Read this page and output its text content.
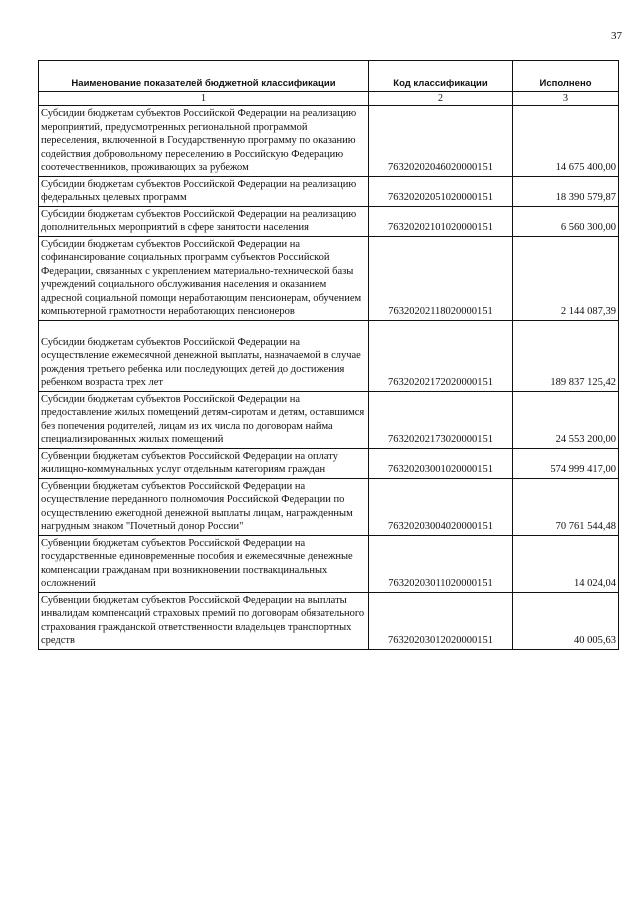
37
Наименование показателей бюджетной классификации	Код классификации	Исполнено
1	2	3
Субсидии бюджетам субъектов Российской Федерации на реализацию мероприятий, предусмотренных региональной программой переселения, включенной в Государственную программу по оказанию содействия добровольному переселению в Российскую Федерацию соотечественников, проживающих за рубежом	76320202046020000151	14 675 400,00
Субсидии бюджетам субъектов Российской Федерации на реализацию федеральных целевых программ	76320202051020000151	18 390 579,87
Субсидии бюджетам субъектов Российской Федерации на реализацию дополнительных мероприятий в сфере занятости населения	76320202101020000151	6 560 300,00
Субсидии бюджетам субъектов Российской Федерации на софинансирование социальных программ субъектов Российской Федерации, связанных с укреплением материально-технической базы учреждений социального обслуживания населения и оказанием адресной социальной помощи неработающим пенсионерам, обучением компьютерной грамотности неработающих пенсионеров	76320202118020000151	2 144 087,39

Субсидии бюджетам субъектов Российской Федерации на осуществление ежемесячной денежной выплаты, назначаемой в случае рождения третьего ребенка или последующих детей до достижения ребенком возраста трех лет	76320202172020000151	189 837 125,42
Субсидии бюджетам субъектов Российской Федерации на предоставление жилых помещений детям-сиротам и детям, оставшимся без попечения родителей, лицам из их числа по договорам найма специализированных жилых помещений	76320202173020000151	24 553 200,00
Субвенции бюджетам субъектов Российской Федерации на оплату жилищно-коммунальных услуг отдельным категориям граждан	76320203001020000151	574 999 417,00
Субвенции бюджетам субъектов Российской Федерации на осуществление переданного полномочия Российской Федерации по осуществлению ежегодной денежной выплаты лицам, награжденным нагрудным знаком "Почетный донор России"	76320203004020000151	70 761 544,48
Субвенции бюджетам субъектов Российской Федерации на государственные единовременные пособия и ежемесячные денежные компенсации гражданам при возникновении поствакцинальных осложнений	76320203011020000151	14 024,04
Субвенции бюджетам субъектов Российской Федерации на выплаты инвалидам компенсаций страховых премий по договорам обязательного страхования гражданской ответственности владельцев транспортных средств	76320203012020000151	40 005,63
